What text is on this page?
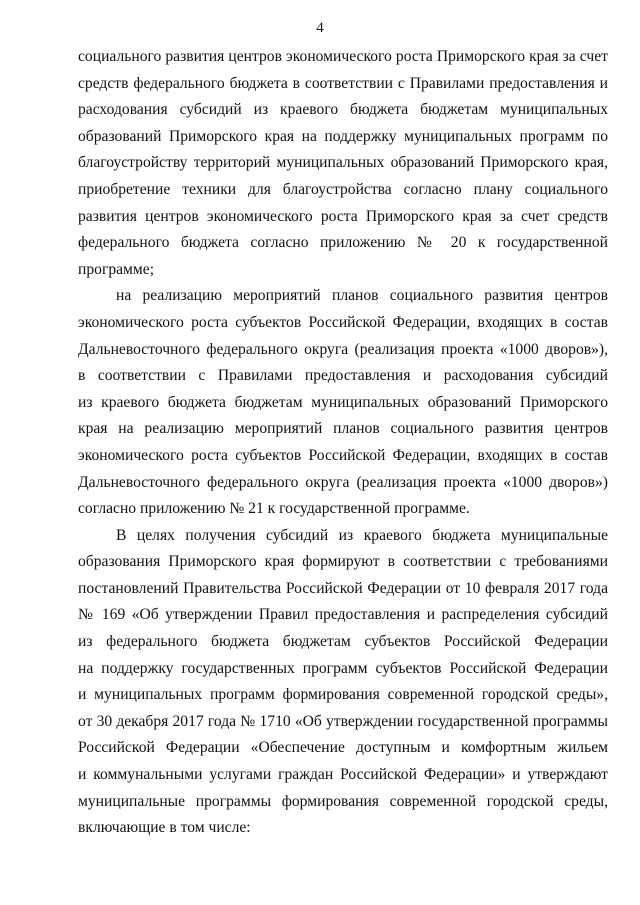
4
социального развития центров экономического роста Приморского края за счет
средств федерального бюджета в соответствии с Правилами предоставления и
расходования субсидий из краевого бюджета бюджетам муниципальных
образований Приморского края на поддержку муниципальных программ по
благоустройству территорий муниципальных образований Приморского края,
приобретение техники для благоустройства согласно плану социального
развития центров экономического роста Приморского края за счет средств
федерального бюджета согласно приложению № 20 к государственной
программе;
на реализацию мероприятий планов социального развития центров
экономического роста субъектов Российской Федерации, входящих в состав
Дальневосточного федерального округа (реализация проекта «1000 дворов»),
в соответствии с Правилами предоставления и расходования субсидий
из краевого бюджета бюджетам муниципальных образований Приморского
края на реализацию мероприятий планов социального развития центров
экономического роста субъектов Российской Федерации, входящих в состав
Дальневосточного федерального округа (реализация проекта «1000 дворов»)
согласно приложению № 21 к государственной программе.
В целях получения субсидий из краевого бюджета муниципальные
образования Приморского края формируют в соответствии с требованиями
постановлений Правительства Российской Федерации от 10 февраля 2017 года
№ 169 «Об утверждении Правил предоставления и распределения субсидий
из федерального бюджета бюджетам субъектов Российской Федерации
на поддержку государственных программ субъектов Российской Федерации
и муниципальных программ формирования современной городской среды»,
от 30 декабря 2017 года № 1710 «Об утверждении государственной программы
Российской Федерации «Обеспечение доступным и комфортным жильем
и коммунальными услугами граждан Российской Федерации» и утверждают
муниципальные программы формирования современной городской среды,
включающие в том числе:
